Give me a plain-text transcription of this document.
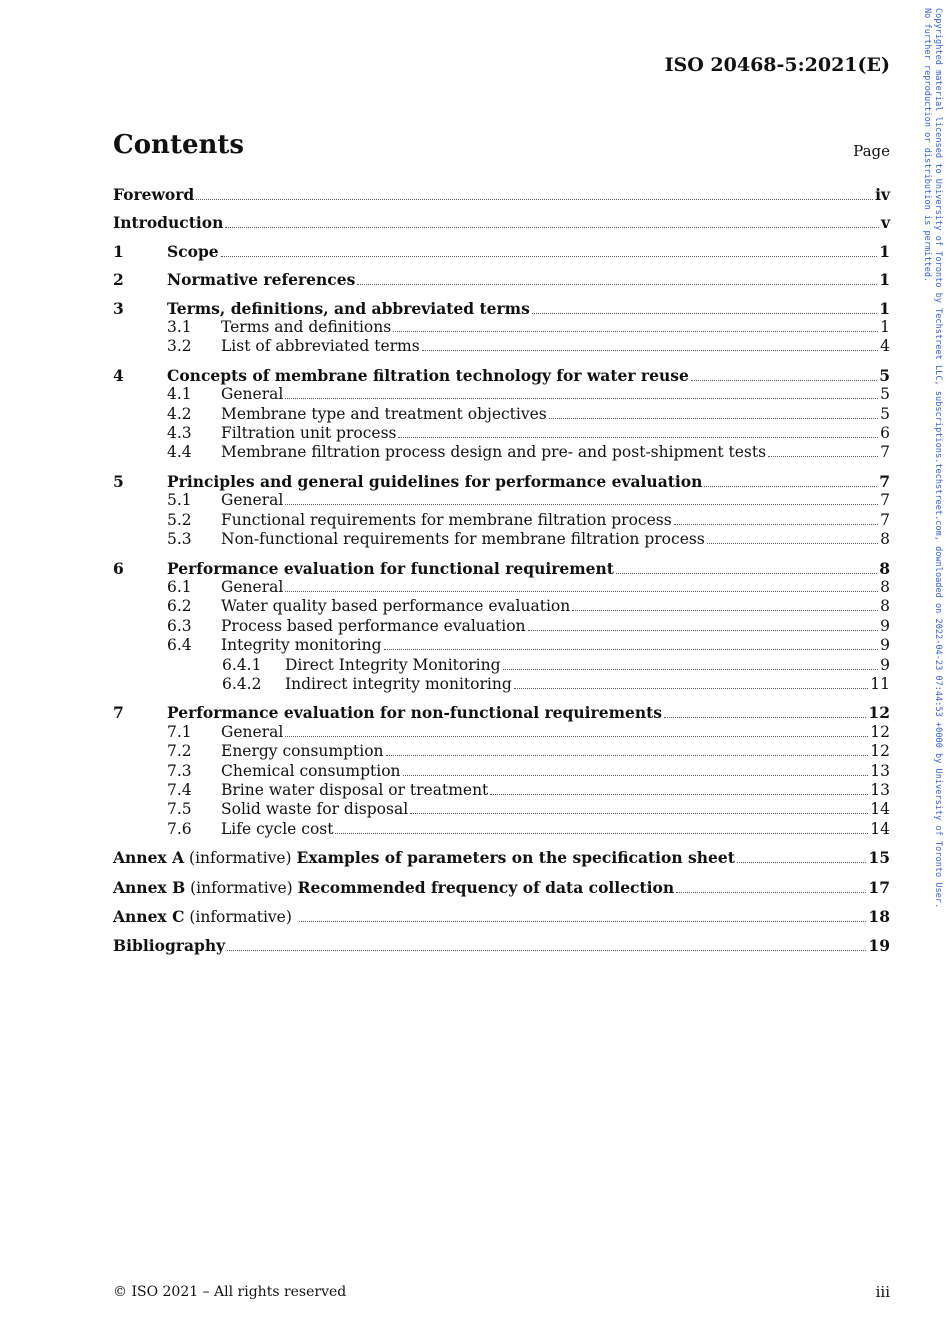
ISO 20468-5:2021(E)
Contents	Page
Foreword	iv
Introduction	v
1	Scope	1
2	Normative references	1
3	Terms, definitions, and abbreviated terms	1
3.1	Terms and definitions	1
3.2	List of abbreviated terms	4
4	Concepts of membrane filtration technology for water reuse	5
4.1	General	5
4.2	Membrane type and treatment objectives	5
4.3	Filtration unit process	6
4.4	Membrane filtration process design and pre- and post-shipment tests	7
5	Principles and general guidelines for performance evaluation	7
5.1	General	7
5.2	Functional requirements for membrane filtration process	7
5.3	Non-functional requirements for membrane filtration process	8
6	Performance evaluation for functional requirement	8
6.1	General	8
6.2	Water quality based performance evaluation	8
6.3	Process based performance evaluation	9
6.4	Integrity monitoring	9
6.4.1	Direct Integrity Monitoring	9
6.4.2	Indirect integrity monitoring	11
7	Performance evaluation for non-functional requirements	12
7.1	General	12
7.2	Energy consumption	12
7.3	Chemical consumption	13
7.4	Brine water disposal or treatment	13
7.5	Solid waste for disposal	14
7.6	Life cycle cost	14
Annex A (informative) Examples of parameters on the specification sheet	15
Annex B (informative) Recommended frequency of data collection	17
Annex C (informative)	18
Bibliography	19
© ISO 2021 – All rights reserved	iii
Copyrighted material licensed to University of Toronto by Techstreet LLC, subscriptions.techstreet.com, downloaded on 2022-04-23 07:44:53 +0000 by University of Toronto User.
No further reproduction or distribution is permitted.
